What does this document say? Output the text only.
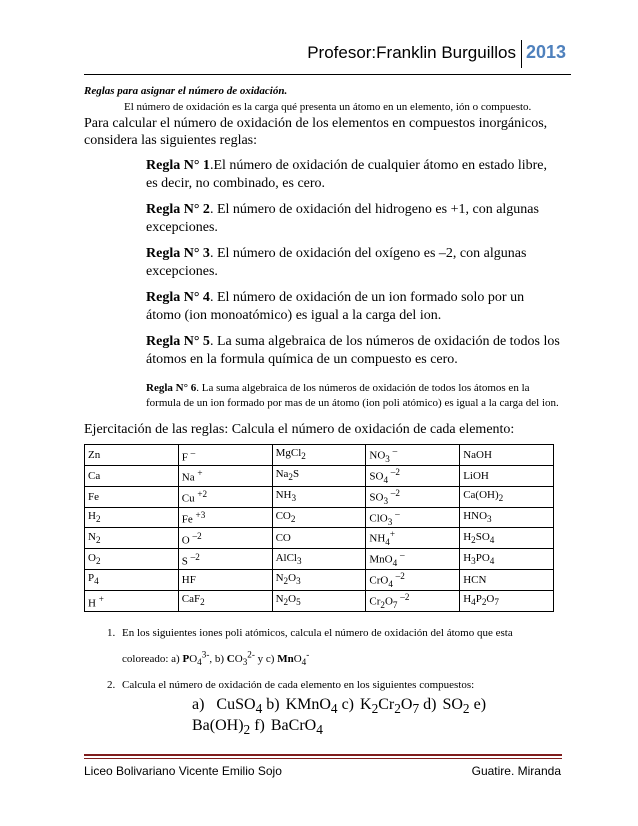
Profesor:Franklin Burguillos 2013

Reglas para asignar el número de oxidación.

El número de oxidación es la carga qué presenta un átomo en un elemento, ión o compuesto. Para calcular el número de oxidación de los elementos en compuestos inorgánicos, considera las siguientes reglas:

Regla N° 1.El número de oxidación de cualquier átomo en estado libre, es decir, no combinado, es cero.

Regla N° 2. El número de oxidación del hidrogeno es +1, con algunas excepciones.

Regla N° 3. El número de oxidación del oxígeno es –2, con algunas excepciones.

Regla N° 4. El número de oxidación de un ion formado solo por un átomo (ion monoatómico) es igual a la carga del ion.

Regla N° 5. La suma algebraica de los números de oxidación de todos los átomos en la formula química de un compuesto es cero.

Regla N° 6. La suma algebraica de los números de oxidación de todos los átomos en la formula de un ion formado por mas de un átomo (ion poli atómico) es igual a la carga del ion.

Ejercitación de las reglas: Calcula el número de oxidación de cada elemento:

Zn	F –	MgCl$_2$	$NO_3$ –	NaOH
Ca	Na +	$Na_2S$	$SO_4$ $^{-2}$	LiOH
Fe	Cu $^{+2}$	$NH_3$	$SO_3$ $^{-2}$	$Ca(OH)_2$
$H_2$	Fe $^{+3}$	$CO_2$	ClO$_3$ –	$HNO_3$
$N_2$	O $^{-2}$	CO	$NH_4^+$	$H_2SO_4$
$O_2$	S $^{-2}$	AlCl$_3$	MnO$_4$ –	$H_3PO_4$
$P_4$	HF	$N_2O_3$	CrO$_4$ $^{-2}$	HCN
H +	CaF$_2$	$N_2O_5$	$Cr_2O_7$ $^{-2}$	$H_4P_2O_7$
1. En los siguientes iones poli atómicos, calcula el número de oxidación del átomo que esta coloreado: a) $PO_4^{3-}$, b) $CO_3^{2-}$ y c) MnO$_4$-
2. Calcula el número de oxidación de cada elemento en los siguientes compuestos:
a)  CuSO$_4$ b) KMnO$_4$ c) $K_2Cr_2O_7$ d) $SO_2$ e) $Ba(OH)_2$ f) BaCrO$_4$
Liceo Bolivariano Vicente Emilio Sojo	Guatire. Miranda
